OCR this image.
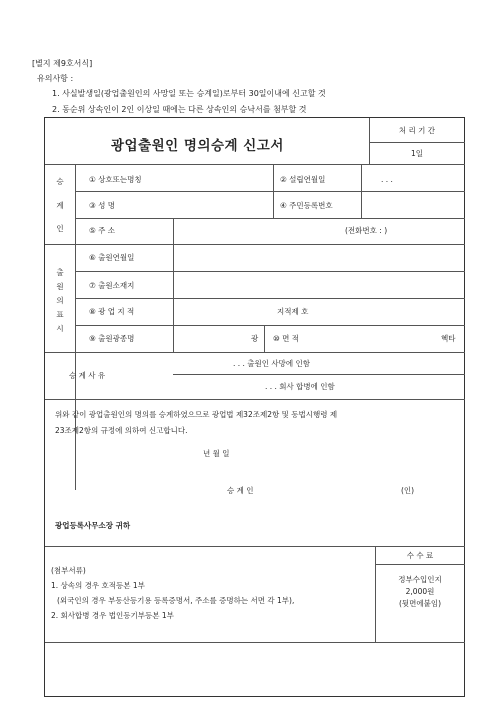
[별지 제9호서식]
유의사항 :
1. 사실발생일(광업출원인의 사망일 또는 승계일)로부터 30일이내에 신고할 것
2. 동순위 상속인이 2인 이상일 때에는 다른 상속인의 승낙서를 첨부할 것
광업출원인 명의승계 신고서
처 리 기 간
1일
승
계
인
① 상호또는명칭	② 설립연월일	. . .
③ 성 명	④ 주민등록번호
⑤ 주 소	(전화번호 : )
출
원
의
표
시
⑥ 출원연월일
⑦ 출원소재지
⑧ 광 업 지 적	지적제 호
⑨ 출원광종명	광 ⑩ 면 적	헥타
승 계 사 유
. . . 출원인 사망에 인함
. . . 회사 합병에 인함
위와 같이 광업출원인의 명의를 승계하였으므로 광업법 제32조제2항 및 동법시행령 제
23조제2항의 규정에 의하여 신고합니다.
년 월 일
승 계 인	(인)
광업등록사무소장 귀하
수 수 료
정부수입인지
2,000원
(뒷면에붙임)
(첨부서류)
1. 상속의 경우 호적등본 1부
(외국인의 경우 부동산등기용 등록증명서, 주소를 증명하는 서면 각 1부),
2. 회사합병 경우 법인등기부등본 1부
